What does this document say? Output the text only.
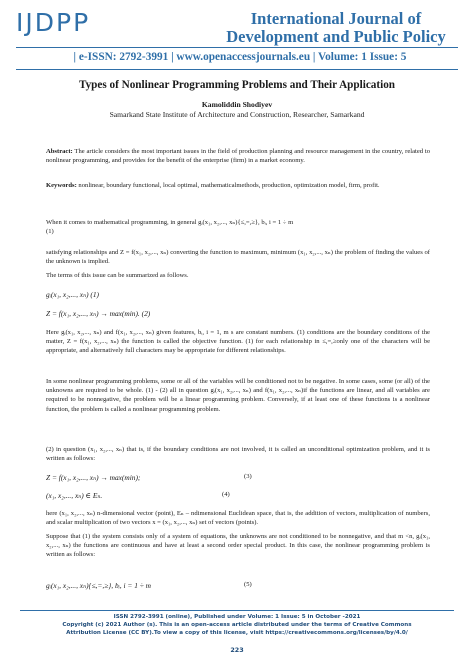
IJDPP	International Journal of
Development and Public Policy
| e-ISSN: 2792-3991 | www.openaccessjournals.eu | Volume: 1 Issue: 5
Types of Nonlinear Programming Problems and Their Application
Kamoliddin Shodiyev
Samarkand State Institute of Architecture and Construction, Researcher, Samarkand
Abstract: The article considers the most important issues in the field of production planning and resource management in the country, related to nonlinear programming, and provides for the benefit of the enterprise (firm) in a market economy.
Keywords: nonlinear, boundary functional, local optimal, mathematicalmethods, production, optimization model, firm, profit.
When it comes to mathematical programming, in general gᵢ(x₁, x₂,..., xₙ){≤,=,≥}, bᵢ, i = 1 ÷ m
(1)
satisfying relationships and Z = f(x₁, x₂,..., xₙ) converting the function to maximum, minimum (x₁, x₂,..., xₙ) the problem of finding the values of the unknown is implied.
The terms of this issue can be summarized as follows.
gᵢ(x₁, x₂,..., xₙ) (1)
Z = f(x₁, x₂,..., xₙ) → max(min). (2)
Here gᵢ(x₁, x₂,..., xₙ) and f(x₁, x₂,..., xₙ) given features, bᵢ, i = 1, m s are constant numbers. (1) conditions are the boundary conditions of the matter, Z = f(x₁, x₂,..., xₙ) the function is called the objective function. (1) for each relationship in ≤,=,≥only one of the characters will be appropriate, and alternatively full characters may be appropriate for different relationships.
In some nonlinear programming problems, some or all of the variables will be conditioned not to be negative. In some cases, some (or all) of the unknowns are required to be whole. (1) - (2) all in question gᵢ(x₁, x₂,..., xₙ) and f(x₁, x₂,..., xₙ)if the functions are linear, and all variables are required to be nonnegative, the problem will be a linear programming problem. Conversely, if at least one of these functions is a nonlinear function, the problem is called a nonlinear programming problem.
(2) in question (x₁, x₂,..., xₙ) that is, if the boundary conditions are not involved, it is called an unconditional optimization problem, and it is written as follows:
Z = f(x₁, x₂,..., xₙ) → max(min);	(3)
(x₁, x₂,..., xₙ) ∈ Eₙ.	(4)
here (x₁, x₂,..., xₙ) n-dimensional vector (point), Eₙ – ndimensional Euclidean space, that is, the addition of vectors, multiplication of numbers, and scalar multiplication of two vectors x = (x₁, x₂,..., xₙ) set of vectors (points).
Suppose that (1) the system consists only of a system of equations, the unknowns are not conditioned to be nonnegative, and that m <n, gᵢ(x₁, x₂,..., xₙ) the functions are continuous and have at least a second order special product. In this case, the nonlinear programming problem is written as follows:
gᵢ(x₁, x₂,..., xₙ){≤,=,≥}, bᵢ, i = 1 ÷ m	(5)
ISSN 2792-3991 (online), Published under Volume: 1 Issue: 5 in October -2021
Copyright (c) 2021 Author (s). This is an open-access article distributed under the terms of Creative Commons
Attribution License (CC BY).To view a copy of this license, visit https://creativecommons.org/licenses/by/4.0/
223
